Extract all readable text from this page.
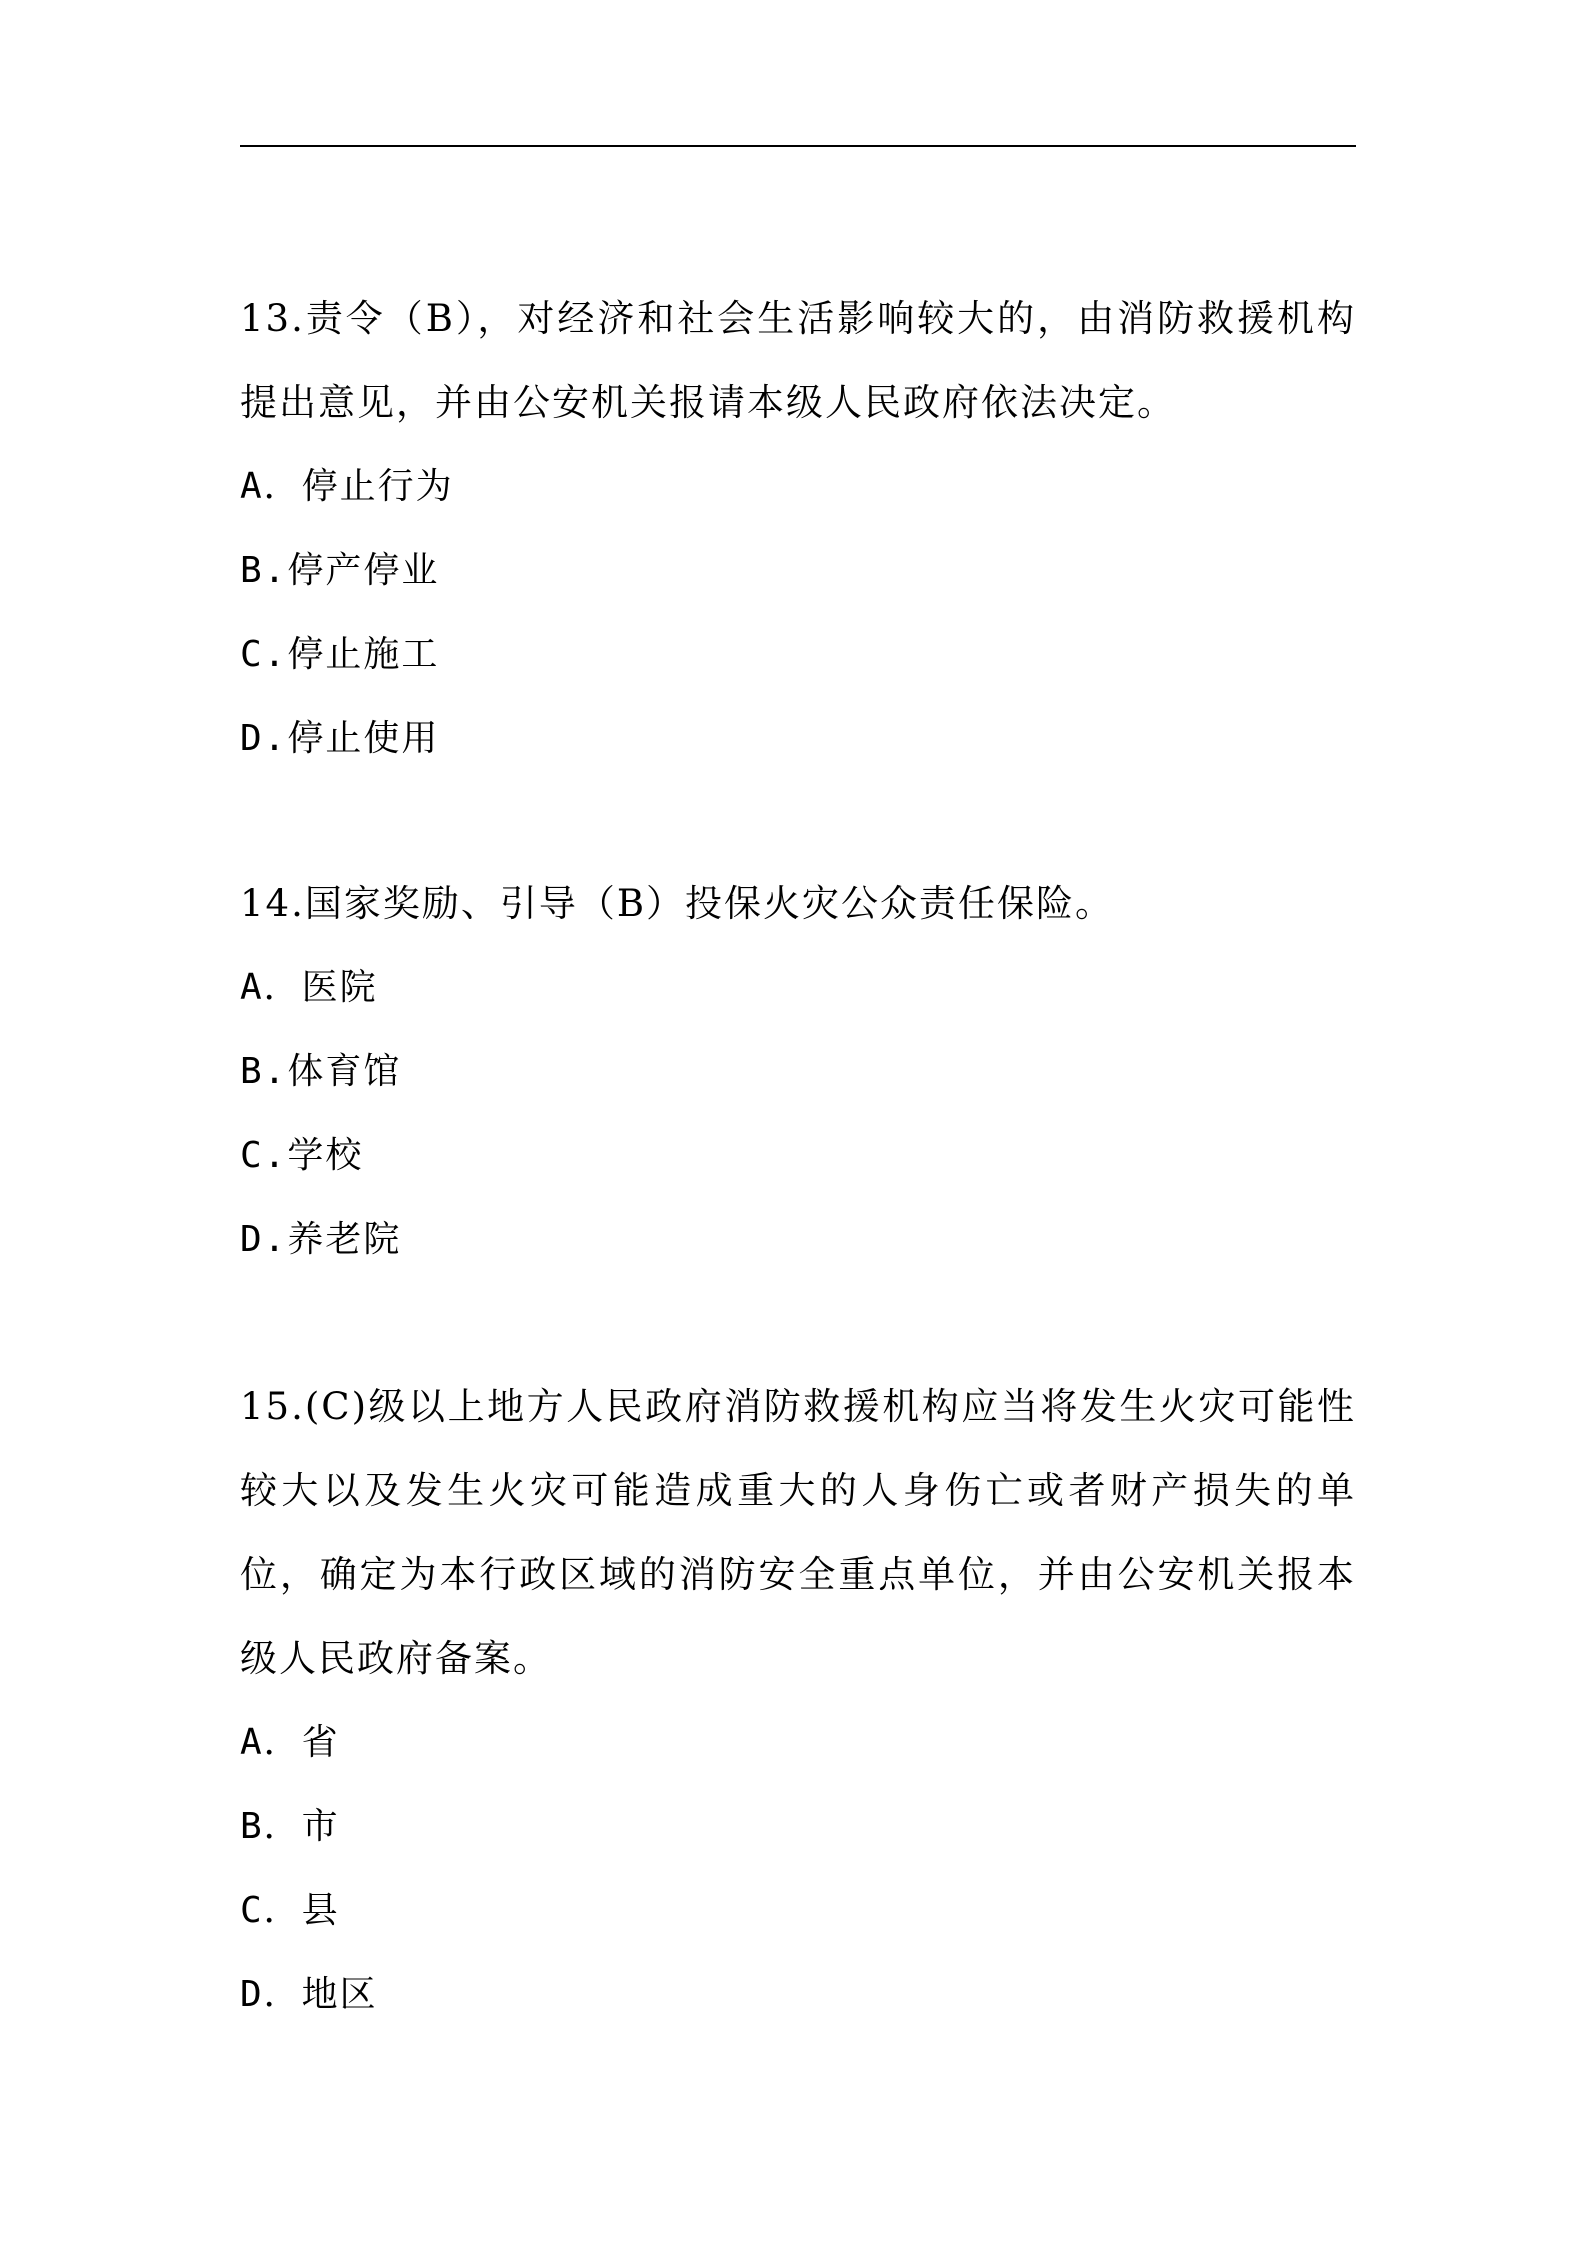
13.责令（B），对经济和社会生活影响较大的，由消防救援机构提出意见，并由公安机关报请本级人民政府依法决定。

A．停止行为

B.停产停业

C.停止施工

D.停止使用

14.国家奖励、引导（B）投保火灾公众责任保险。

A．医院

B.体育馆

C.学校

D.养老院

15.(C)级以上地方人民政府消防救援机构应当将发生火灾可能性较大以及发生火灾可能造成重大的人身伤亡或者财产损失的单位，确定为本行政区域的消防安全重点单位，并由公安机关报本级人民政府备案。

A．省

B．市

C．县

D．地区
